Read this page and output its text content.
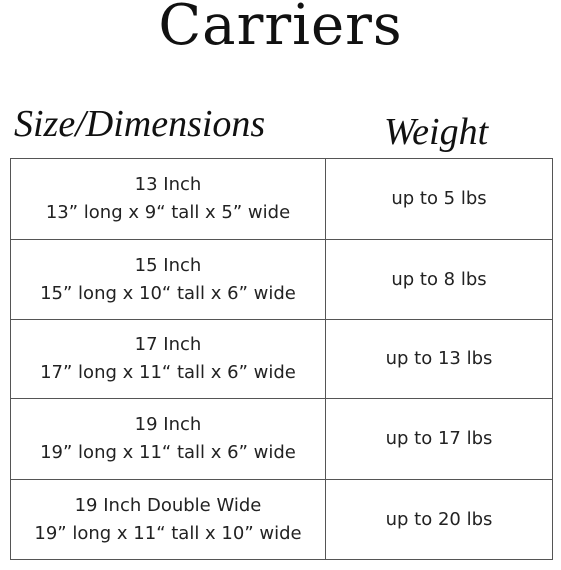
Carriers
Size/Dimensions	Weight
13 Inch
13” long x 9“ tall x 5” wide	up to 5 lbs

15 Inch
15” long x 10“ tall x 6” wide	up to 8 lbs

17 Inch
17” long x 11“ tall x 6” wide	up to 13 lbs

19 Inch
19” long x 11“ tall x 6” wide	up to 17 lbs

19 Inch Double Wide
19” long x 11“ tall x 10” wide	up to 20 lbs
